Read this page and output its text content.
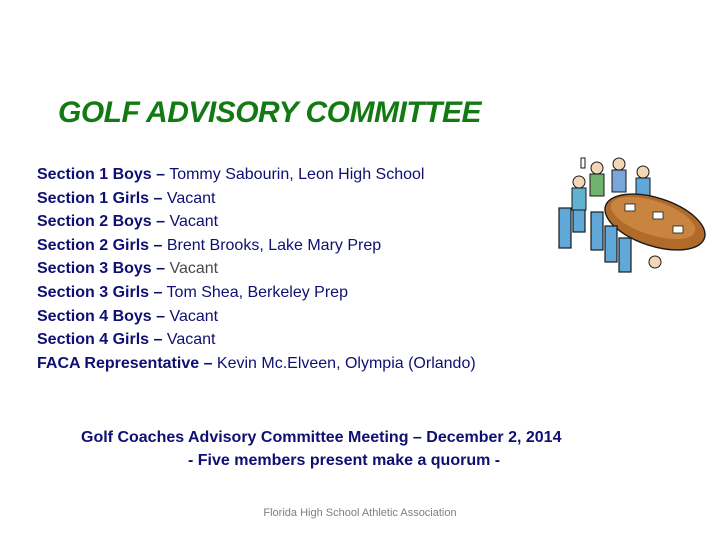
GOLF ADVISORY COMMITTEE
Section 1 Boys – Tommy Sabourin, Leon High School
Section 1 Girls – Vacant
Section 2 Boys – Vacant
Section 2 Girls – Brent Brooks, Lake Mary Prep
Section 3 Boys – Vacant
Section 3 Girls – Tom Shea, Berkeley Prep
Section 4 Boys – Vacant
Section 4 Girls – Vacant
FACA Representative – Kevin Mc.Elveen, Olympia (Orlando)
Golf Coaches Advisory Committee Meeting – December 2, 2014
- Five members present make a quorum -
Florida High School Athletic Association
